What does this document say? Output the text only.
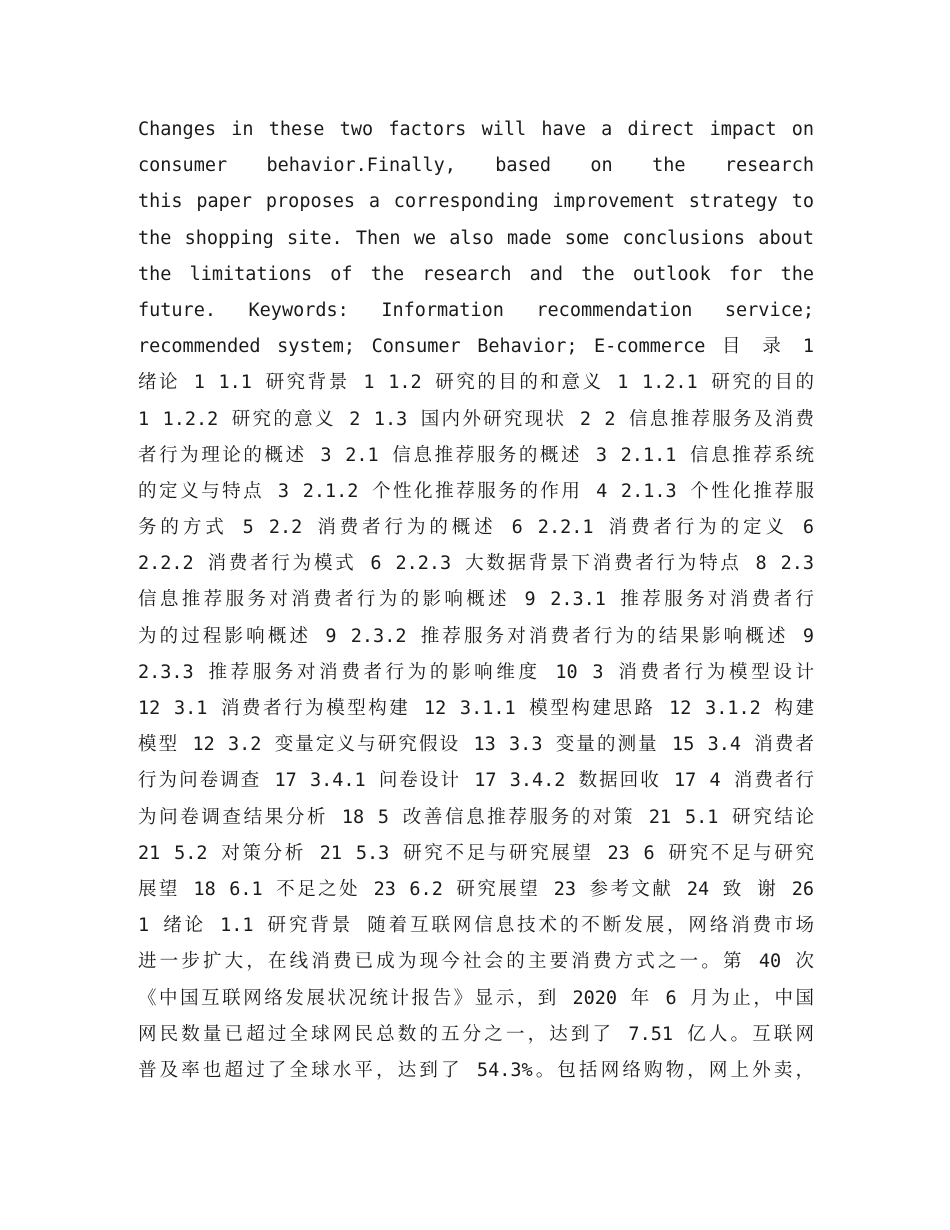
Changes in these two factors will have a direct impact on
consumer behavior.Finally, based on the research
this paper proposes a corresponding improvement strategy to
the shopping site. Then we also made some conclusions about
the limitations of the research and the outlook for the
future. Keywords: Information recommendation service;
recommended system; Consumer Behavior; E-commerce 目 录 1
绪论 1 1.1 研究背景 1 1.2 研究的目的和意义 1 1.2.1 研究的目的
1 1.2.2 研究的意义 2 1.3 国内外研究现状 2 2 信息推荐服务及消费
者行为理论的概述 3 2.1 信息推荐服务的概述 3 2.1.1 信息推荐系统
的定义与特点 3 2.1.2 个性化推荐服务的作用 4 2.1.3 个性化推荐服
务的方式 5 2.2 消费者行为的概述 6 2.2.1 消费者行为的定义 6
2.2.2 消费者行为模式 6 2.2.3 大数据背景下消费者行为特点 8 2.3
信息推荐服务对消费者行为的影响概述 9 2.3.1 推荐服务对消费者行
为的过程影响概述 9 2.3.2 推荐服务对消费者行为的结果影响概述 9
2.3.3 推荐服务对消费者行为的影响维度 10 3 消费者行为模型设计
12 3.1 消费者行为模型构建 12 3.1.1 模型构建思路 12 3.1.2 构建
模型 12 3.2 变量定义与研究假设 13 3.3 变量的测量 15 3.4 消费者
行为问卷调查 17 3.4.1 问卷设计 17 3.4.2 数据回收 17 4 消费者行
为问卷调查结果分析 18 5 改善信息推荐服务的对策 21 5.1 研究结论
21 5.2 对策分析 21 5.3 研究不足与研究展望 23 6 研究不足与研究
展望 18 6.1 不足之处 23 6.2 研究展望 23 参考文献 24 致 谢 26
1 绪论 1.1 研究背景 随着互联网信息技术的不断发展，网络消费市场
进一步扩大，在线消费已成为现今社会的主要消费方式之一。第 40 次
《中国互联网络发展状况统计报告》显示，到 2020 年 6 月为止，中国
网民数量已超过全球网民总数的五分之一，达到了 7.51 亿人。互联网
普及率也超过了全球水平，达到了 54.3%。包括网络购物，网上外卖，
